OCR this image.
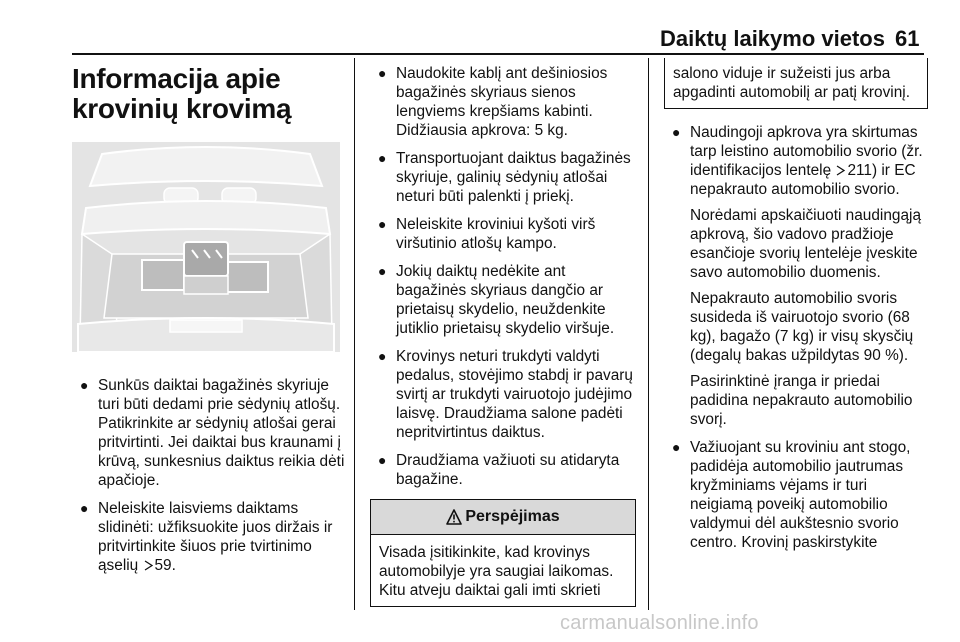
Daiktų laikymo vietos 61
Informacija apie
krovinių krovimą
● Sunkūs daiktai bagažinės skyriuje turi būti dedami prie sėdynių atlošų. Patikrinkite ar sėdynių atlošai gerai pritvirtinti. Jei daiktai bus kraunami į krūvą, sunkesnius daiktus reikia dėti apačioje.
● Neleiskite laisviems daiktams slidinėti: užfiksuokite juos diržais ir pritvirtinkite šiuos prie tvirtinimo ąselių 59.
● Naudokite kablį ant dešiniosios bagažinės skyriaus sienos lengviems krepšiams kabinti. Didžiausia apkrova: 5 kg.
● Transportuojant daiktus bagažinės skyriuje, galinių sėdynių atlošai neturi būti palenkti į priekį.
● Neleiskite kroviniui kyšoti virš viršutinio atlošų kampo.
● Jokių daiktų nedėkite ant bagažinės skyriaus dangčio ar prietaisų skydelio, neuždenkite jutiklio prietaisų skydelio viršuje.
● Krovinys neturi trukdyti valdyti pedalus, stovėjimo stabdį ir pavarų svirtį ar trukdyti vairuotojo judėjimo laisvę. Draudžiama salone padėti nepritvirtintus daiktus.
● Draudžiama važiuoti su atidaryta bagažine.
Perspėjimas
Visada įsitikinkite, kad krovinys automobilyje yra saugiai laikomas. Kitu atveju daiktai gali imti skrieti
salono viduje ir sužeisti jus arba apgadinti automobilį ar patį krovinį.
● Naudingoji apkrova yra skirtumas tarp leistino automobilio svorio (žr. identifikacijos lentelę 211) ir EC nepakrauto automobilio svorio.

Norėdami apskaičiuoti naudingąją apkrovą, šio vadovo pradžioje esančioje svorių lentelėje įveskite savo automobilio duomenis.

Nepakrauto automobilio svoris susideda iš vairuotojo svorio (68 kg), bagažo (7 kg) ir visų skysčių (degalų bakas užpildytas 90 %).

Pasirinktinė įranga ir priedai padidina nepakrauto automobilio svorį.

● Važiuojant su kroviniu ant stogo, padidėja automobilio jautrumas kryžminiams vėjams ir turi neigiamą poveikį automobilio valdymui dėl aukštesnio svorio centro. Krovinį paskirstykite
carmanualsonline.info
